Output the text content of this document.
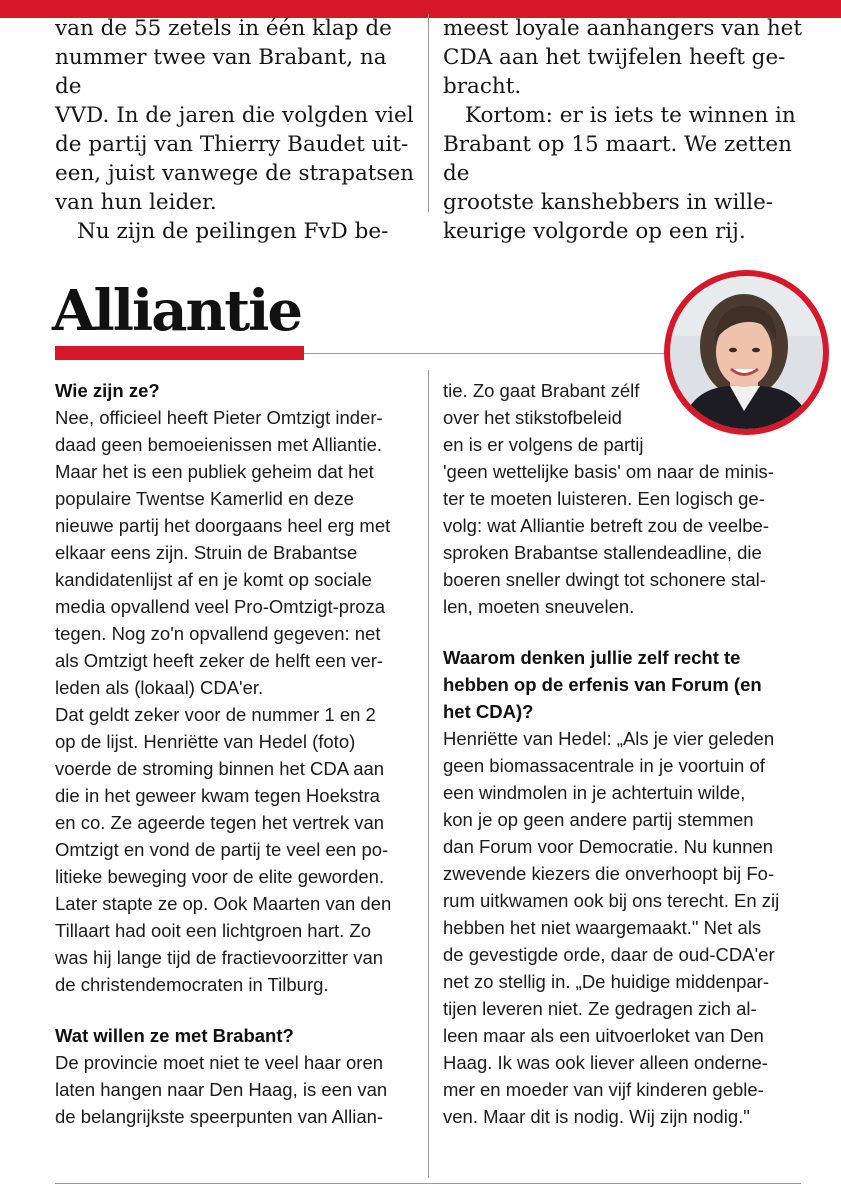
van de 55 zetels in één klap de

nummer twee van Brabant, na de

VVD. In de jaren die volgden viel

de partij van Thierry Baudet uit-

een, juist vanwege de strapatsen

van hun leider.

Nu zijn de peilingen FvD be-

meest loyale aanhangers van het

CDA aan het twijfelen heeft ge-

bracht.

Kortom: er is iets te winnen in

Brabant op 15 maart. We zetten de

grootste kanshebbers in wille-

keurige volgorde op een rij.

Alliantie

Wie zijn ze?

Nee, officieel heeft Pieter Omtzigt inder-

daad geen bemoeienissen met Alliantie.

Maar het is een publiek geheim dat het

populaire Twentse Kamerlid en deze

nieuwe partij het doorgaans heel erg met

elkaar eens zijn. Struin de Brabantse

kandidatenlijst af en je komt op sociale

media opvallend veel Pro-Omtzigt-proza

tegen. Nog zo'n opvallend gegeven: net

als Omtzigt heeft zeker de helft een ver-

leden als (lokaal) CDA'er.

Dat geldt zeker voor de nummer 1 en 2

op de lijst. Henriëtte van Hedel (foto)

voerde de stroming binnen het CDA aan

die in het geweer kwam tegen Hoekstra

en co. Ze ageerde tegen het vertrek van

Omtzigt en vond de partij te veel een po-

litieke beweging voor de elite geworden.

Later stapte ze op. Ook Maarten van den

Tillaart had ooit een lichtgroen hart. Zo

was hij lange tijd de fractievoorzitter van

de christendemocraten in Tilburg.

Wat willen ze met Brabant?

De provincie moet niet te veel haar oren

laten hangen naar Den Haag, is een van

de belangrijkste speerpunten van Allian-

tie. Zo gaat Brabant zélf

over het stikstofbeleid

en is er volgens de partij

'geen wettelijke basis' om naar de minis-

ter te moeten luisteren. Een logisch ge-

volg: wat Alliantie betreft zou de veelbe-

sproken Brabantse stallendeadline, die

boeren sneller dwingt tot schonere stal-

len, moeten sneuvelen.

Waarom denken jullie zelf recht te

hebben op de erfenis van Forum (en

het CDA)?

Henriëtte van Hedel: „Als je vier geleden

geen biomassacentrale in je voortuin of

een windmolen in je achtertuin wilde,

kon je op geen andere partij stemmen

dan Forum voor Democratie. Nu kunnen

zwevende kiezers die onverhoopt bij Fo-

rum uitkwamen ook bij ons terecht. En zij

hebben het niet waargemaakt." Net als

de gevestigde orde, daar de oud-CDA'er

net zo stellig in. „De huidige middenpar-

tijen leveren niet. Ze gedragen zich al-

leen maar als een uitvoerloket van Den

Haag. Ik was ook liever alleen onderne-

mer en moeder van vijf kinderen geble-

ven. Maar dit is nodig. Wij zijn nodig."
